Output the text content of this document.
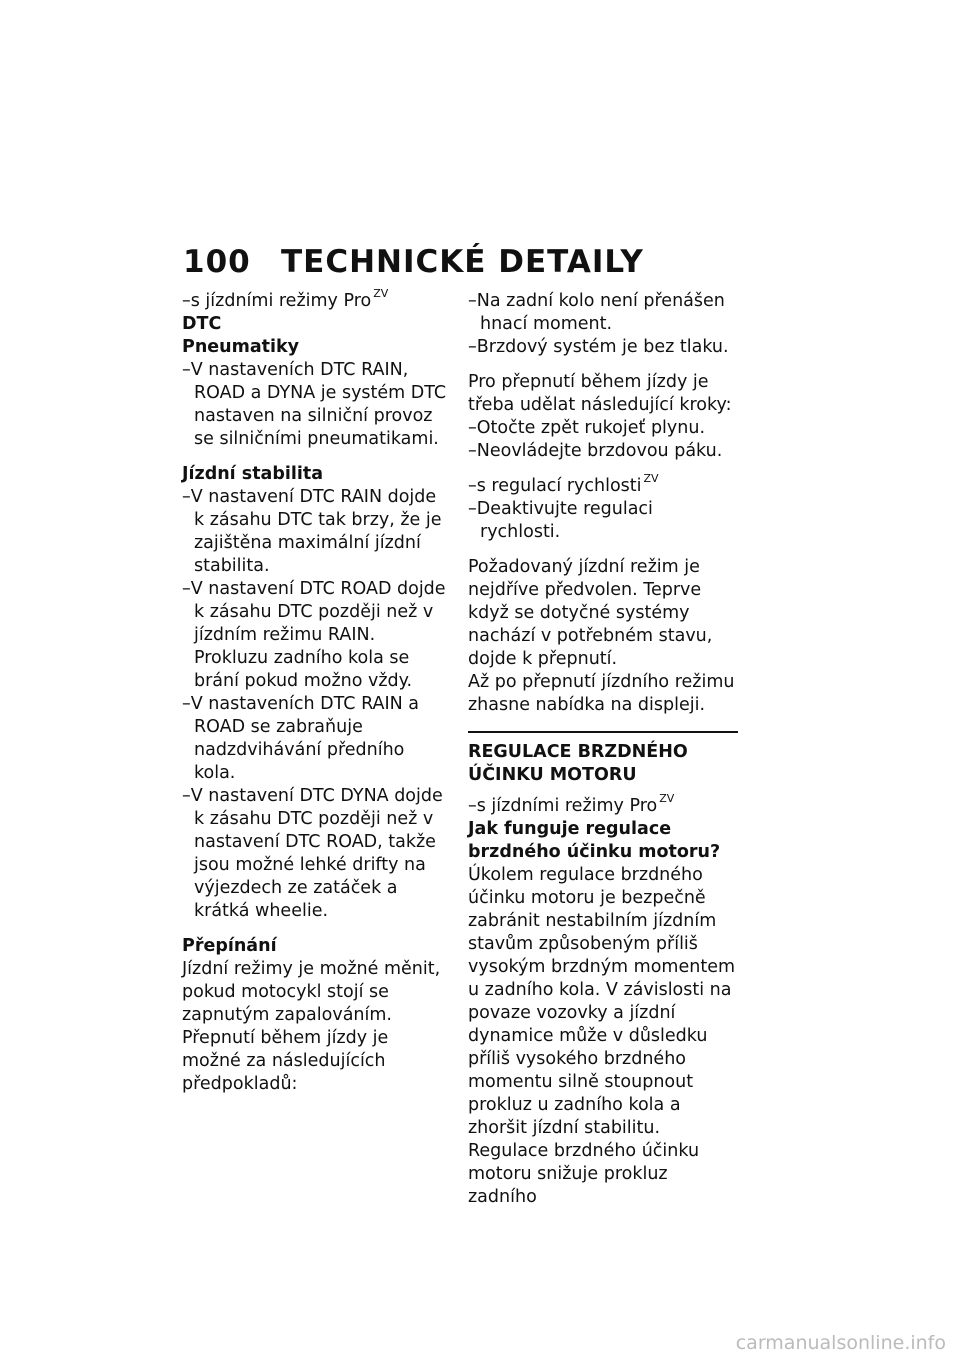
100 TECHNICKÉ DETAILY

–s jízdními režimy Pro $^{ZV}$

DTC

Pneumatiky

–V nastaveních DTC RAIN, ROAD a DYNA je systém DTC nastaven na silniční provoz se silničními pneumatikami.

Jízdní stabilita

–V nastavení DTC RAIN dojde k zásahu DTC tak brzy, že je zajištěna maximální jízdní stabilita.

–V nastavení DTC ROAD dojde k zásahu DTC později než v jízdním režimu RAIN. Prokluzu zadního kola se brání pokud možno vždy.

–V nastaveních DTC RAIN a ROAD se zabraňuje nadzdvihávání předního kola.

–V nastavení DTC DYNA dojde k zásahu DTC později než v nastavení DTC ROAD, takže jsou možné lehké drifty na výjezdech ze zatáček a krátká wheelie.

Přepínání

Jízdní režimy je možné měnit, pokud motocykl stojí se zapnutým zapalováním. Přepnutí během jízdy je možné za následujících předpokladů:

–Na zadní kolo není přenášen hnací moment.

–Brzdový systém je bez tlaku.

Pro přepnutí během jízdy je třeba udělat následující kroky:

–Otočte zpět rukojeť plynu.

–Neovládejte brzdovou páku.

–s regulací rychlosti $^{ZV}$

–Deaktivujte regulaci rychlosti.

Požadovaný jízdní režim je nejdříve předvolen. Teprve když se dotyčné systémy nachází v potřebném stavu, dojde k přepnutí.

Až po přepnutí jízdního režimu zhasne nabídka na displeji.

REGULACE BRZDNÉHO
ÚČINKU MOTORU

–s jízdními režimy Pro $^{ZV}$

Jak funguje regulace brzdného účinku motoru?

Úkolem regulace brzdného účinku motoru je bezpečně zabránit nestabilním jízdním stavům způsobeným příliš vysokým brzdným momentem u zadního kola. V závislosti na povaze vozovky a jízdní dynamice může v důsledku příliš vysokého brzdného momentu silně stoupnout prokluz u zadního kola a zhoršit jízdní stabilitu. Regulace brzdného účinku motoru snižuje prokluz zadního

carmanualsonline.info
